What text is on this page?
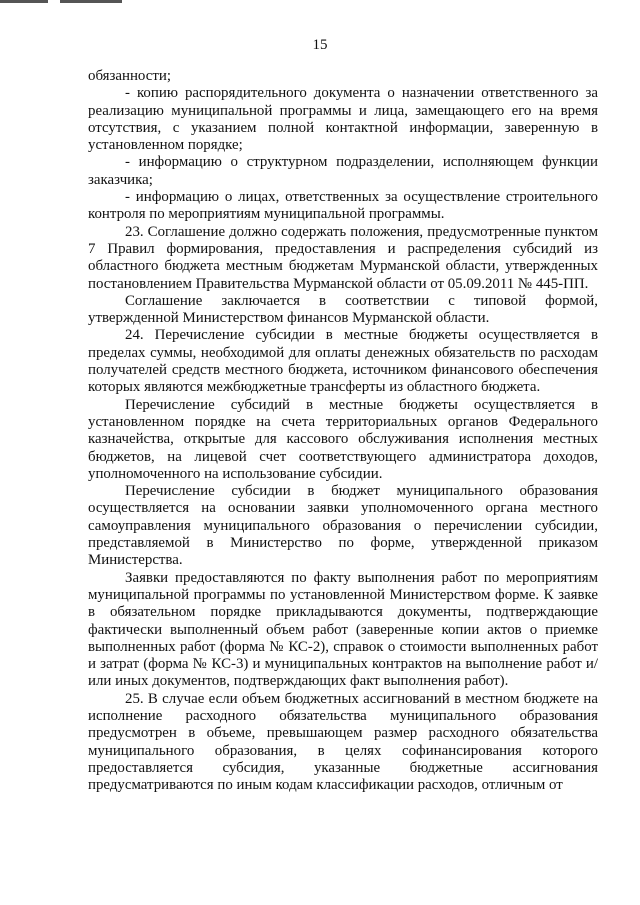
15

обязанности;

- копию распорядительного документа о назначении ответственного за реализацию муниципальной программы и лица, замещающего его на время отсутствия, с указанием полной контактной информации, заверенную в установленном порядке;

- информацию о структурном подразделении, исполняющем функции заказчика;

- информацию о лицах, ответственных за осуществление строительного контроля по мероприятиям муниципальной программы.

23. Соглашение должно содержать положения, предусмотренные пунктом 7 Правил формирования, предоставления и распределения субсидий из областного бюджета местным бюджетам Мурманской области, утвержденных постановлением Правительства Мурманской области от 05.09.2011 № 445-ПП.

Соглашение заключается в соответствии с типовой формой, утвержденной Министерством финансов Мурманской области.

24. Перечисление субсидии в местные бюджеты осуществляется в пределах суммы, необходимой для оплаты денежных обязательств по расходам получателей средств местного бюджета, источником финансового обеспечения которых являются межбюджетные трансферты из областного бюджета.

Перечисление субсидий в местные бюджеты осуществляется в установленном порядке на счета территориальных органов Федерального казначейства, открытые для кассового обслуживания исполнения местных бюджетов, на лицевой счет соответствующего администратора доходов, уполномоченного на использование субсидии.

Перечисление субсидии в бюджет муниципального образования осуществляется на основании заявки уполномоченного органа местного самоуправления муниципального образования о перечислении субсидии, представляемой в Министерство по форме, утвержденной приказом Министерства.

Заявки предоставляются по факту выполнения работ по мероприятиям муниципальной программы по установленной Министерством форме. К заявке в обязательном порядке прикладываются документы, подтверждающие фактически выполненный объем работ (заверенные копии актов о приемке выполненных работ (форма № КС-2), справок о стоимости выполненных работ и затрат (форма № КС-3) и муниципальных контрактов на выполнение работ и/или иных документов, подтверждающих факт выполнения работ).

25. В случае если объем бюджетных ассигнований в местном бюджете на исполнение расходного обязательства муниципального образования предусмотрен в объеме, превышающем размер расходного обязательства муниципального образования, в целях софинансирования которого предоставляется субсидия, указанные бюджетные ассигнования предусматриваются по иным кодам классификации расходов, отличным от
